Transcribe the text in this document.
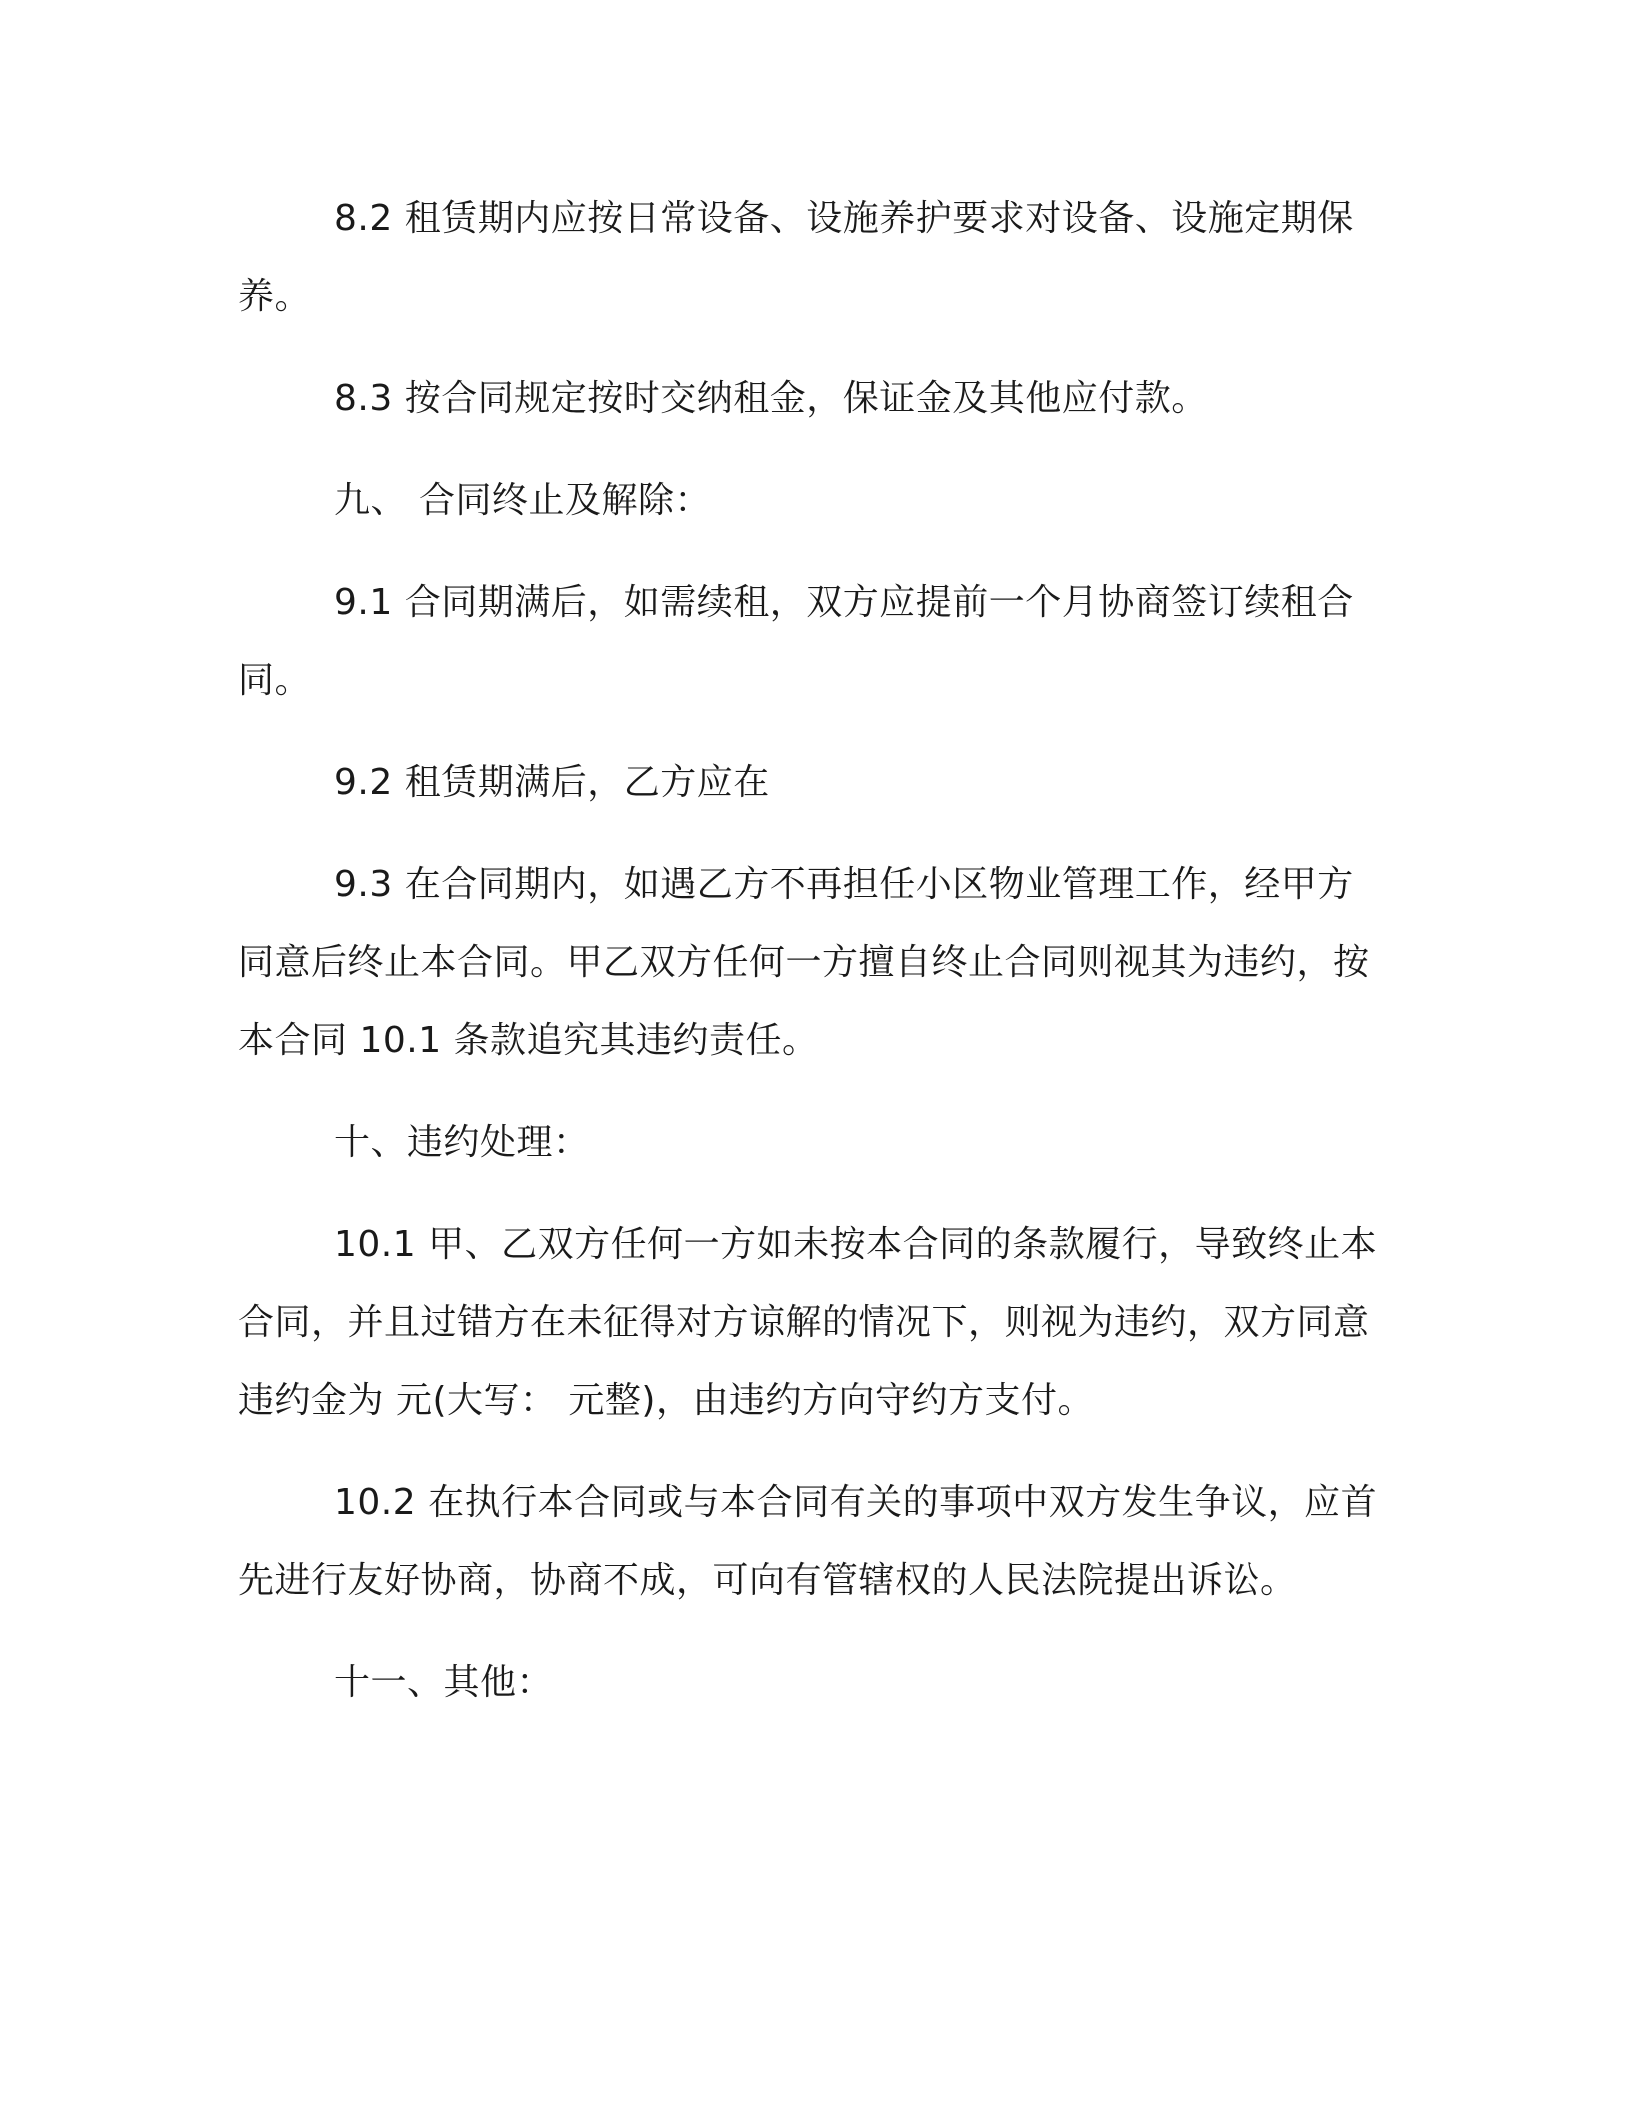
8.2 租赁期内应按日常设备、设施养护要求对设备、设施定期保养。

8.3 按合同规定按时交纳租金，保证金及其他应付款。

九、 合同终止及解除：

9.1 合同期满后，如需续租，双方应提前一个月协商签订续租合同。

9.2 租赁期满后，乙方应在

9.3 在合同期内，如遇乙方不再担任小区物业管理工作，经甲方同意后终止本合同。甲乙双方任何一方擅自终止合同则视其为违约，按本合同 10.1 条款追究其违约责任。

十、违约处理：

10.1 甲、乙双方任何一方如未按本合同的条款履行，导致终止本合同，并且过错方在未征得对方谅解的情况下，则视为违约，双方同意违约金为 元(大写： 元整)，由违约方向守约方支付。

10.2 在执行本合同或与本合同有关的事项中双方发生争议，应首先进行友好协商，协商不成，可向有管辖权的人民法院提出诉讼。

十一、其他：
